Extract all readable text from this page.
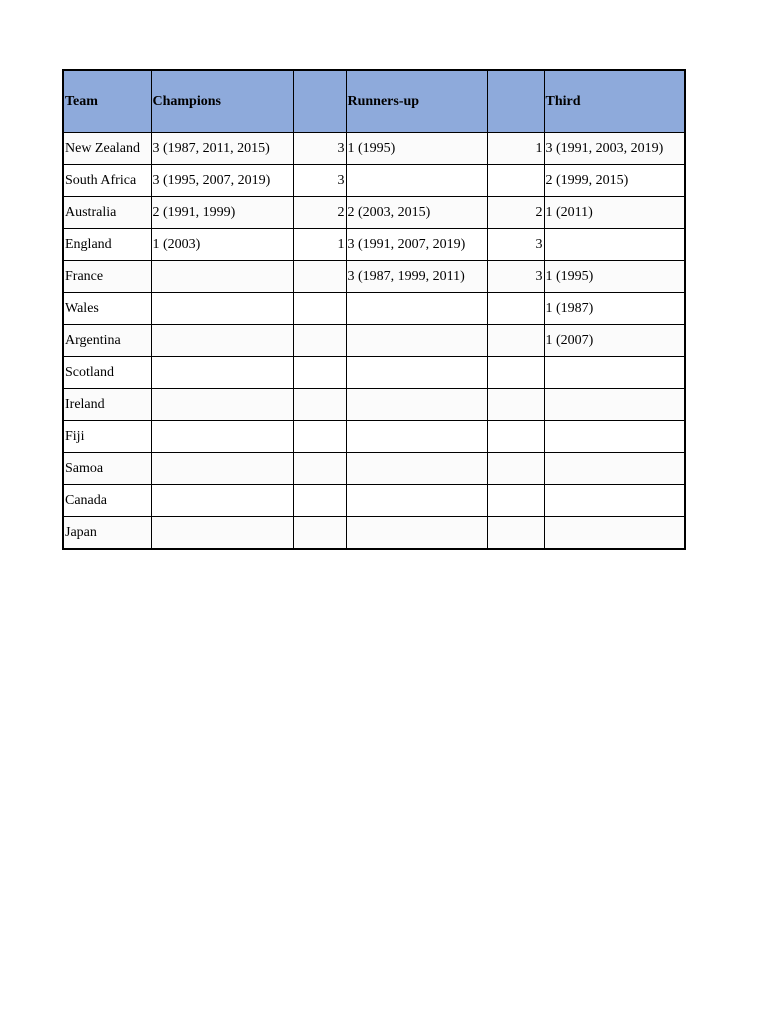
Team	Champions		Runners-up		Third
New Zealand	3 (1987, 2011, 2015)	3	1 (1995)	1	3 (1991, 2003, 2019)
South Africa	3 (1995, 2007, 2019)	3			2 (1999, 2015)
Australia	2 (1991, 1999)	2	2 (2003, 2015)	2	1 (2011)
England	1 (2003)	1	3 (1991, 2007, 2019)	3	
France			3 (1987, 1999, 2011)	3	1 (1995)
Wales					1 (1987)
Argentina					1 (2007)
Scotland					
Ireland					
Fiji					
Samoa					
Canada					
Japan					
